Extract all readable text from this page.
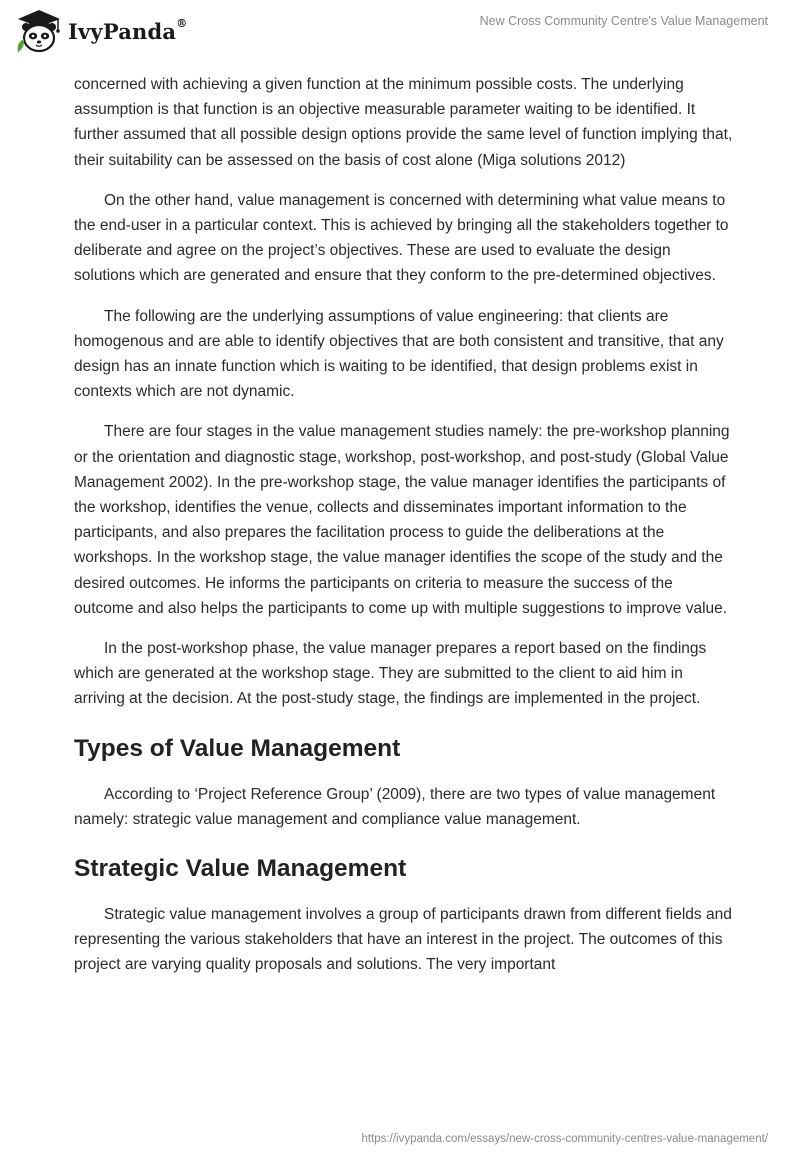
IvyPanda®	New Cross Community Centre's Value Management

concerned with achieving a given function at the minimum possible costs. The underlying assumption is that function is an objective measurable parameter waiting to be identified. It further assumed that all possible design options provide the same level of function implying that, their suitability can be assessed on the basis of cost alone (Miga solutions 2012)

On the other hand, value management is concerned with determining what value means to the end-user in a particular context. This is achieved by bringing all the stakeholders together to deliberate and agree on the project’s objectives. These are used to evaluate the design solutions which are generated and ensure that they conform to the pre-determined objectives.

The following are the underlying assumptions of value engineering: that clients are homogenous and are able to identify objectives that are both consistent and transitive, that any design has an innate function which is waiting to be identified, that design problems exist in contexts which are not dynamic.

There are four stages in the value management studies namely: the pre-workshop planning or the orientation and diagnostic stage, workshop, post-workshop, and post-study (Global Value Management 2002). In the pre-workshop stage, the value manager identifies the participants of the workshop, identifies the venue, collects and disseminates important information to the participants, and also prepares the facilitation process to guide the deliberations at the workshops. In the workshop stage, the value manager identifies the scope of the study and the desired outcomes. He informs the participants on criteria to measure the success of the outcome and also helps the participants to come up with multiple suggestions to improve value.

In the post-workshop phase, the value manager prepares a report based on the findings which are generated at the workshop stage. They are submitted to the client to aid him in arriving at the decision. At the post-study stage, the findings are implemented in the project.

Types of Value Management

According to ‘Project Reference Group’ (2009), there are two types of value management namely: strategic value management and compliance value management.

Strategic Value Management

Strategic value management involves a group of participants drawn from different fields and representing the various stakeholders that have an interest in the project. The outcomes of this project are varying quality proposals and solutions. The very important

https://ivypanda.com/essays/new-cross-community-centres-value-management/
